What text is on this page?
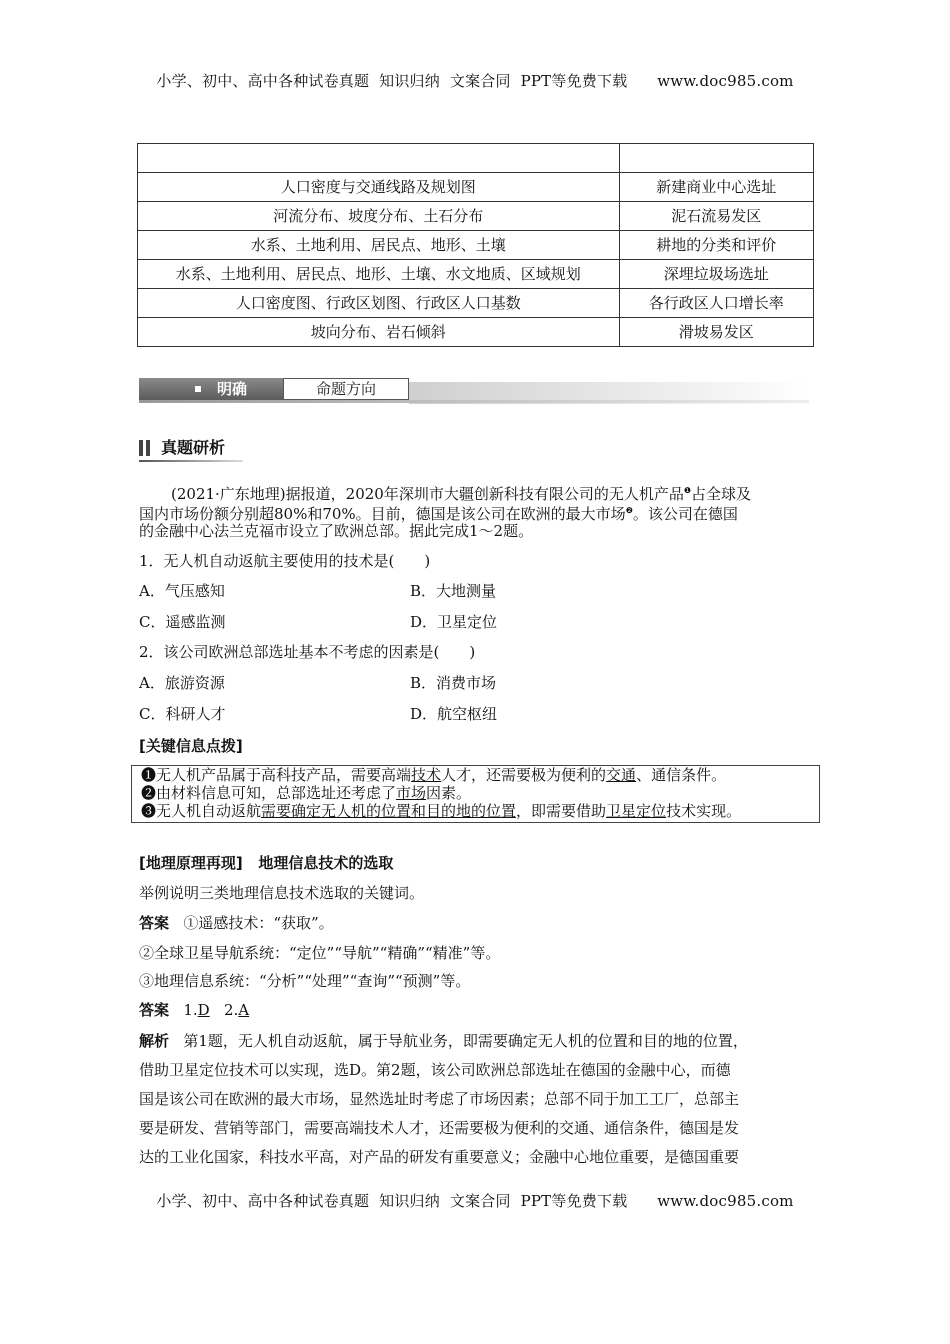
小学、初中、高中各种试卷真题  知识归纳  文案合同  PPT等免费下载      www.doc985.com

人口密度与交通线路及规划图	新建商业中心选址
河流分布、坡度分布、土石分布	泥石流易发区
水系、土地利用、居民点、地形、土壤	耕地的分类和评价
水系、土地利用、居民点、地形、土壤、水文地质、区域规划	深埋垃圾场选址
人口密度图、行政区划图、行政区人口基数	各行政区人口增长率
坡向分布、岩石倾斜	滑坡易发区
明确	命题方向
真题研析
(2021·广东地理)据报道，2020年深圳市大疆创新科技有限公司的无人机产品$^❶$占全球及
国内市场份额分别超80%和70%。目前，德国是该公司在欧洲的最大市场$^❷$。该公司在德国
的金融中心法兰克福市设立了欧洲总部。据此完成1～2题。
1．无人机自动返航主要使用的技术是(　　)
A．气压感知	B．大地测量
C．遥感监测	D．卫星定位
2．该公司欧洲总部选址基本不考虑的因素是(　　)
A．旅游资源	B．消费市场
C．科研人才	D．航空枢纽
[关键信息点拨]
❶无人机产品属于高科技产品，需要高端技术人才，还需要极为便利的交通、通信条件。
❷由材料信息可知，总部选址还考虑了市场因素。
❸无人机自动返航需要确定无人机的位置和目的地的位置，即需要借助卫星定位技术实现。
[地理原理再现] 地理信息技术的选取
举例说明三类地理信息技术选取的关键词。
答案 ①遥感技术：“获取”。
②全球卫星导航系统：“定位”“导航”“精确”“精准”等。
③地理信息系统：“分析”“处理”“查询”“预测”等。
答案 1.D 2.A
解析 第1题，无人机自动返航，属于导航业务，即需要确定无人机的位置和目的地的位置，
借助卫星定位技术可以实现，选D。第2题，该公司欧洲总部选址在德国的金融中心，而德
国是该公司在欧洲的最大市场，显然选址时考虑了市场因素；总部不同于加工工厂，总部主
要是研发、营销等部门，需要高端技术人才，还需要极为便利的交通、通信条件，德国是发
达的工业化国家，科技水平高，对产品的研发有重要意义；金融中心地位重要，是德国重要
小学、初中、高中各种试卷真题  知识归纳  文案合同  PPT等免费下载      www.doc985.com
